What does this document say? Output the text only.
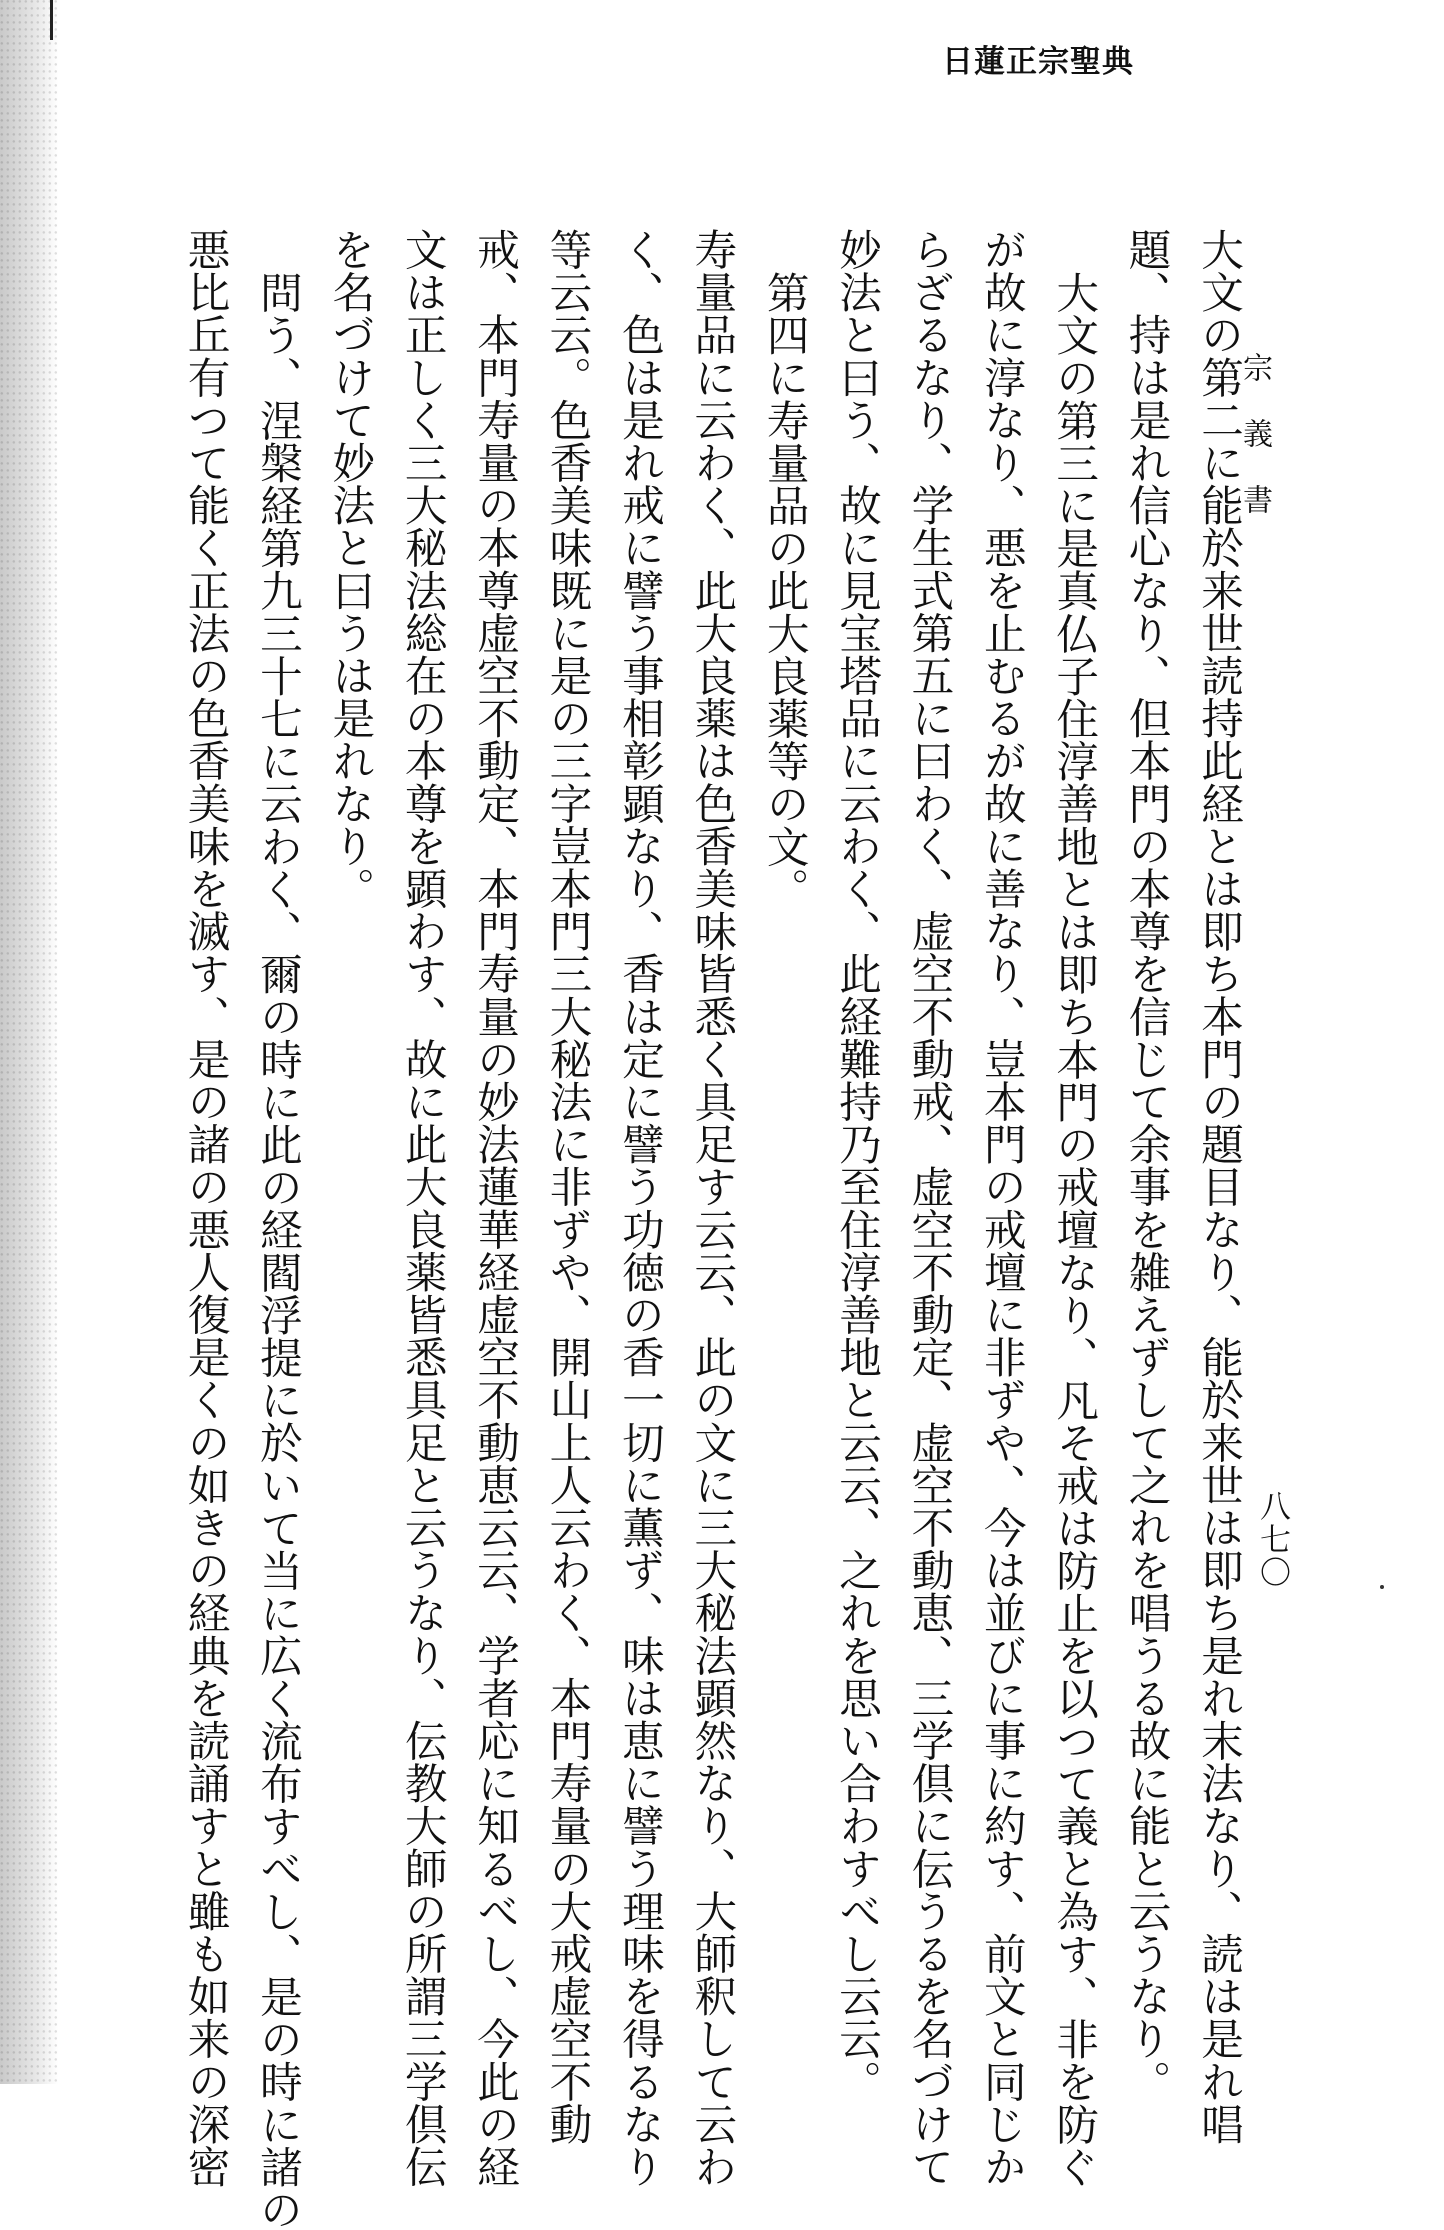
日蓮正宗聖典
宗義書
八七〇
大文の第二に能於来世読持此経とは即ち本門の題目なり、能於来世は即ち是れ末法なり、読は是れ唱
題、持は是れ信心なり、但本門の本尊を信じて余事を雑えずして之れを唱うる故に能と云うなり。
大文の第三に是真仏子住淳善地とは即ち本門の戒壇なり、凡そ戒は防止を以つて義と為す、非を防ぐ
が故に淳なり、悪を止むるが故に善なり、豈本門の戒壇に非ずや、今は並びに事に約す、前文と同じか
らざるなり、学生式第五に曰わく、虚空不動戒、虚空不動定、虚空不動恵、三学倶に伝うるを名づけて
妙法と曰う、故に見宝塔品に云わく、此経難持乃至住淳善地と云云、之れを思い合わすべし云云。
第四に寿量品の此大良薬等の文。
寿量品に云わく、此大良薬は色香美味皆悉く具足す云云、此の文に三大秘法顕然なり、大師釈して云わ
く、色は是れ戒に譬う事相彰顕なり、香は定に譬う功徳の香一切に薫ず、味は恵に譬う理味を得るなり
等云云。色香美味既に是の三字豈本門三大秘法に非ずや、開山上人云わく、本門寿量の大戒虚空不動
戒、本門寿量の本尊虚空不動定、本門寿量の妙法蓮華経虚空不動恵云云、学者応に知るべし、今此の経
文は正しく三大秘法総在の本尊を顕わす、故に此大良薬皆悉具足と云うなり、伝教大師の所謂三学倶伝
を名づけて妙法と曰うは是れなり。
問う、涅槃経第九三十七に云わく、爾の時に此の経閻浮提に於いて当に広く流布すべし、是の時に諸の
悪比丘有つて能く正法の色香美味を滅す、是の諸の悪人復是くの如きの経典を読誦すと雖も如来の深密
